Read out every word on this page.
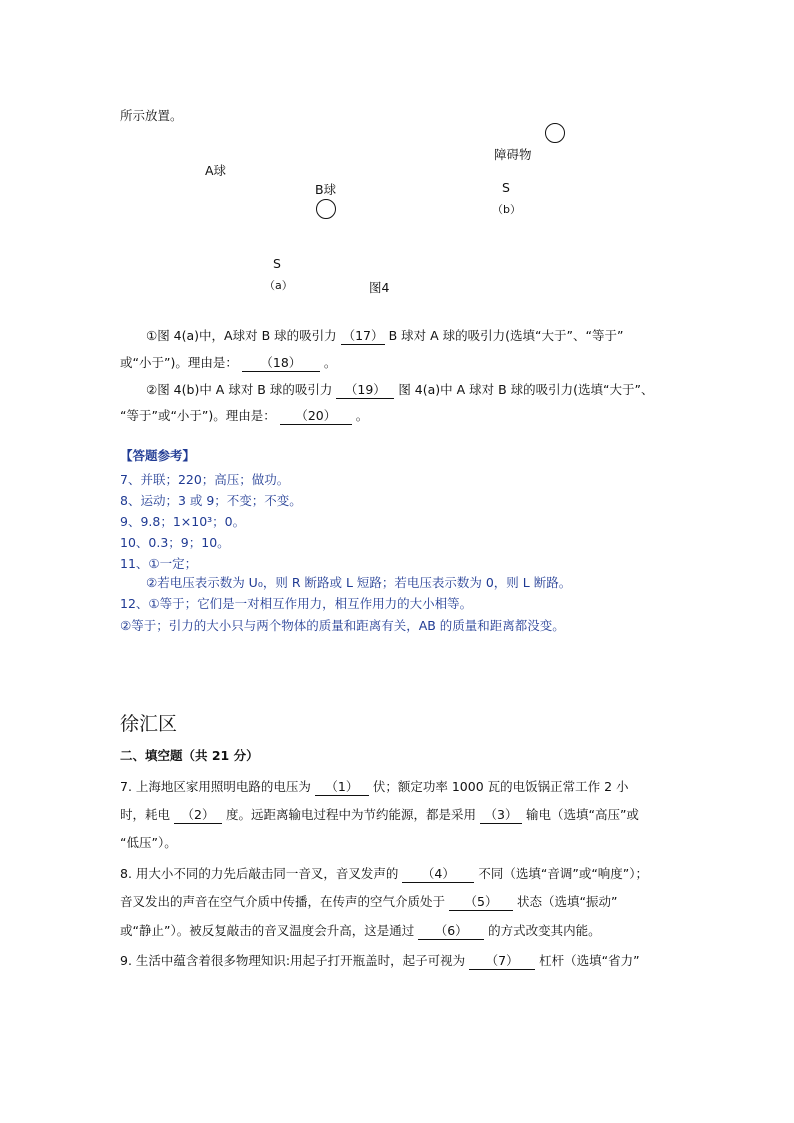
所示放置。
A球
B球
S
（a）	图4
障碍物
S
（b）
①图 4(a)中，A球对 B 球的吸引力 （17） B 球对 A 球的吸引力(选填“大于”、“等于”
或“小于”)。理由是： （18） 。
②图 4(b)中 A 球对 B 球的吸引力 （19） 图 4(a)中 A 球对 B 球的吸引力(选填“大于”、
“等于”或“小于”)。理由是： （20） 。
【答题参考】
7、并联；220；高压；做功。
8、运动；3 或 9；不变；不变。
9、9.8；1×10³；0。
10、0.3；9；10。
11、①一定；
②若电压表示数为 U₀，则 R 断路或 L 短路；若电压表示数为 0，则 L 断路。
12、①等于；它们是一对相互作用力，相互作用力的大小相等。
②等于；引力的大小只与两个物体的质量和距离有关，AB 的质量和距离都没变。
徐汇区
二、填空题（共 21 分）
7. 上海地区家用照明电路的电压为 （1） 伏；额定功率 1000 瓦的电饭锅正常工作 2 小
时，耗电 （2） 度。远距离输电过程中为节约能源，都是采用 （3） 输电（选填“高压”或
“低压”）。
8. 用大小不同的力先后敲击同一音叉，音叉发声的 （4） 不同（选填“音调”或“响度”）；
音叉发出的声音在空气介质中传播，在传声的空气介质处于 （5） 状态（选填“振动”
或“静止”）。被反复敲击的音叉温度会升高，这是通过 （6） 的方式改变其内能。
9. 生活中蕴含着很多物理知识:用起子打开瓶盖时，起子可视为 （7） 杠杆（选填“省力”
